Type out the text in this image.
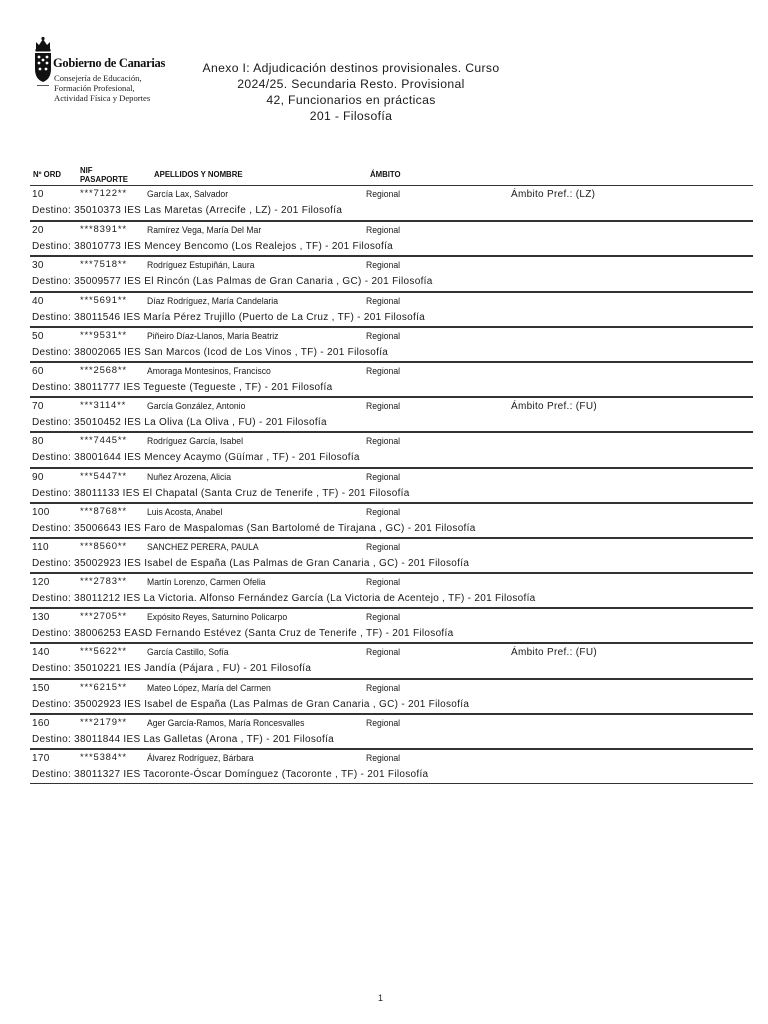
Gobierno de Canarias
Consejería de Educación,
Formación Profesional,
Actividad Física y Deportes
Anexo I: Adjudicación destinos provisionales. Curso
2024/25. Secundaria Resto. Provisional
42, Funcionarios en prácticas
201 - Filosofía
Nº ORD NIF
PASAPORTE
APELLIDOS Y NOMBRE	ÁMBITO
10	***7122** García Lax, Salvador	Regional	Ámbito Pref.: (LZ)
Destino: 35010373 IES Las Maretas (Arrecife , LZ) - 201 Filosofía
20	***8391** Ramírez Vega, María Del Mar	Regional
Destino: 38010773 IES Mencey Bencomo (Los Realejos , TF) - 201 Filosofía
30	***7518** Rodríguez Estupiñán, Laura	Regional
Destino: 35009577 IES El Rincón (Las Palmas de Gran Canaria , GC) - 201 Filosofía
40	***5691** Díaz Rodríguez, María Candelaria	Regional
Destino: 38011546 IES María Pérez Trujillo (Puerto de La Cruz , TF) - 201 Filosofía
50	***9531** Piñeiro Díaz-Llanos, María Beatriz	Regional
Destino: 38002065 IES San Marcos (Icod de Los Vinos , TF) - 201 Filosofía
60	***2568** Amoraga Montesinos, Francisco	Regional
Destino: 38011777 IES Tegueste (Tegueste , TF) - 201 Filosofía
70	***3114** García González, Antonio	Regional	Ámbito Pref.: (FU)
Destino: 35010452 IES La Oliva (La Oliva , FU) - 201 Filosofía
80	***7445** Rodríguez García, Isabel	Regional
Destino: 38001644 IES Mencey Acaymo (Güímar , TF) - 201 Filosofía
90	***5447** Nuñez Arozena, Alicia	Regional
Destino: 38011133 IES El Chapatal (Santa Cruz de Tenerife , TF) - 201 Filosofía
100	***8768** Luis Acosta, Anabel	Regional
Destino: 35006643 IES Faro de Maspalomas (San Bartolomé de Tirajana , GC) - 201 Filosofía
110	***8560** SANCHEZ PERERA, PAULA	Regional
Destino: 35002923 IES Isabel de España (Las Palmas de Gran Canaria , GC) - 201 Filosofía
120	***2783** Martín Lorenzo, Carmen Ofelia	Regional
Destino: 38011212 IES La Victoria. Alfonso Fernández García (La Victoria de Acentejo , TF) - 201 Filosofía
130	***2705** Expósito Reyes, Saturnino Policarpo	Regional
Destino: 38006253 EASD Fernando Estévez (Santa Cruz de Tenerife , TF) - 201 Filosofía
140	***5622** García Castillo, Sofía	Regional	Ámbito Pref.: (FU)
Destino: 35010221 IES Jandía (Pájara , FU) - 201 Filosofía
150	***6215** Mateo López, María del Carmen	Regional
Destino: 35002923 IES Isabel de España (Las Palmas de Gran Canaria , GC) - 201 Filosofía
160	***2179** Ager García-Ramos, María Roncesvalles	Regional
Destino: 38011844 IES Las Galletas (Arona , TF) - 201 Filosofía
170	***5384** Álvarez Rodríguez, Bárbara	Regional
Destino: 38011327 IES Tacoronte-Óscar Domínguez (Tacoronte , TF) - 201 Filosofía
1
